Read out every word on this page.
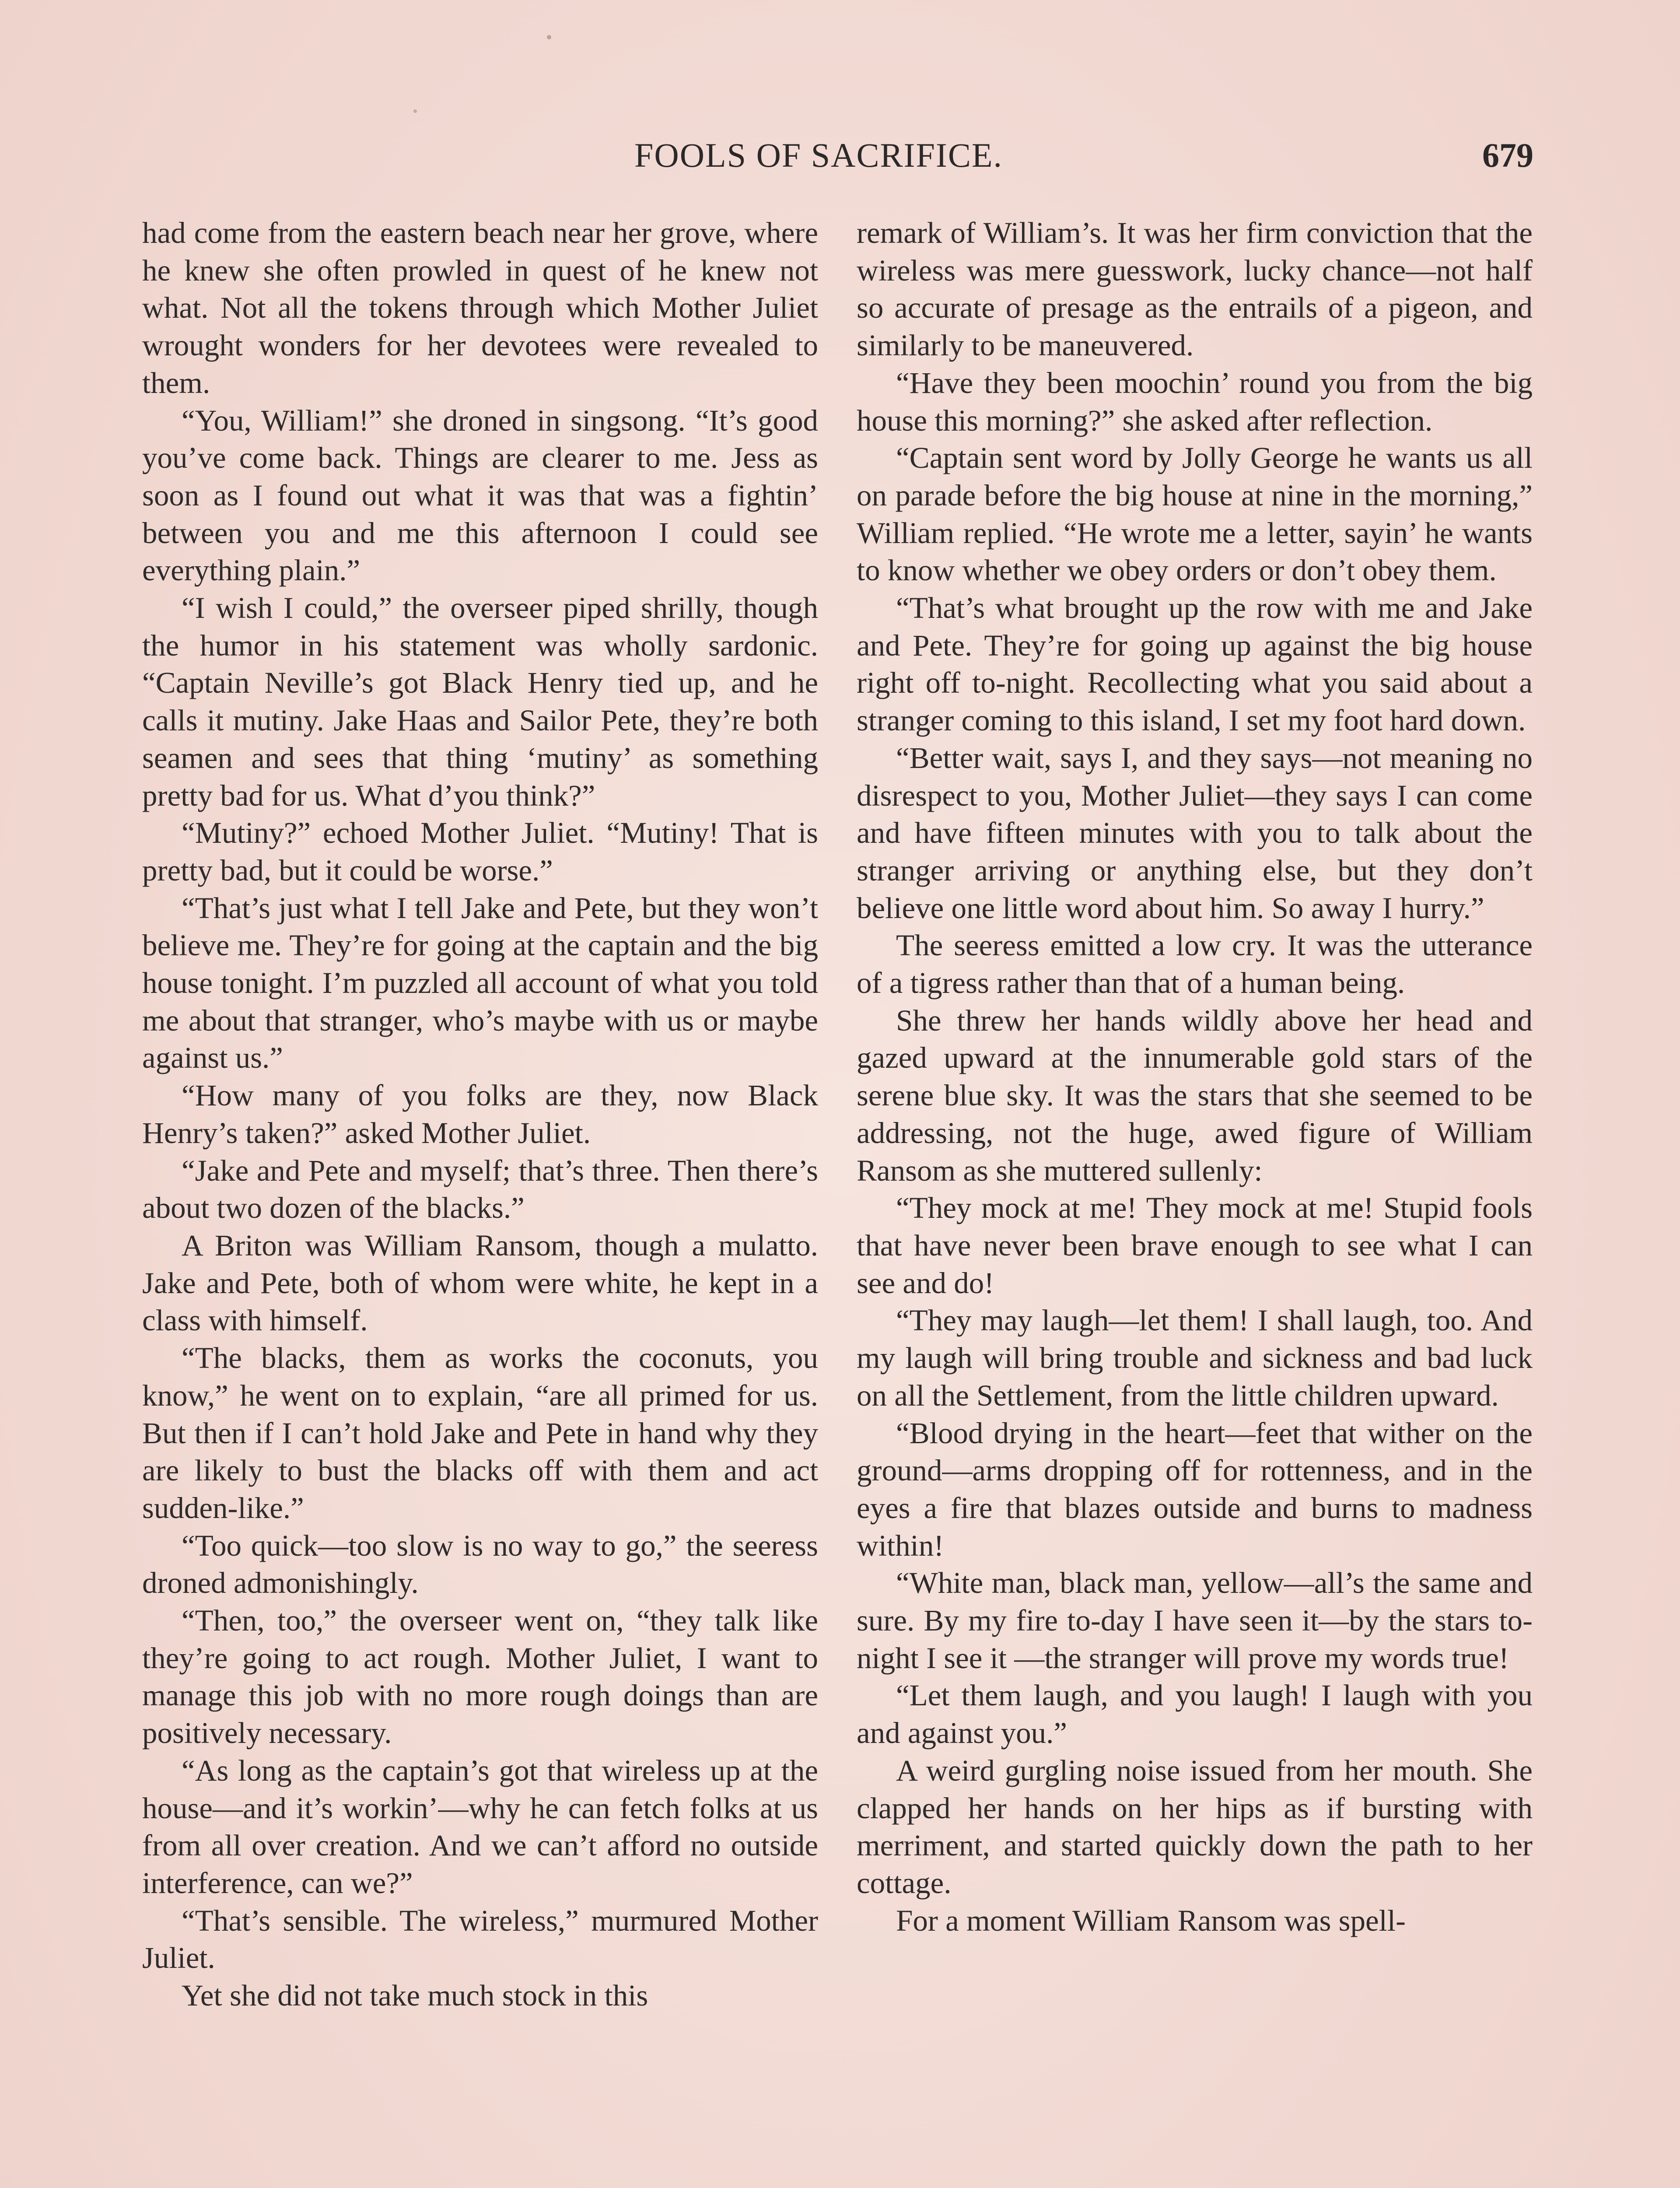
FOOLS OF SACRIFICE.	679

had come from the eastern beach near her grove, where he knew she often prowled in quest of he knew not what. Not all the tokens through which Mother Juliet wrought wonders for her devotees were revealed to them.

“You, William!” she droned in singsong. “It’s good you’ve come back. Things are clearer to me. Jess as soon as I found out what it was that was a fightin’ between you and me this afternoon I could see everything plain.”

“I wish I could,” the overseer piped shrilly, though the humor in his statement was wholly sardonic. “Captain Neville’s got Black Henry tied up, and he calls it mutiny. Jake Haas and Sailor Pete, they’re both seamen and sees that thing ‘mutiny’ as something pretty bad for us. What d’you think?”

“Mutiny?” echoed Mother Juliet. “Mutiny! That is pretty bad, but it could be worse.”

“That’s just what I tell Jake and Pete, but they won’t believe me. They’re for going at the captain and the big house tonight. I’m puzzled all account of what you told me about that stranger, who’s maybe with us or maybe against us.”

“How many of you folks are they, now Black Henry’s taken?” asked Mother Juliet.

“Jake and Pete and myself; that’s three. Then there’s about two dozen of the blacks.”

A Briton was William Ransom, though a mulatto. Jake and Pete, both of whom were white, he kept in a class with himself.

“The blacks, them as works the coconuts, you know,” he went on to explain, “are all primed for us. But then if I can’t hold Jake and Pete in hand why they are likely to bust the blacks off with them and act sudden-like.”

“Too quick—too slow is no way to go,” the seeress droned admonishingly.

“Then, too,” the overseer went on, “they talk like they’re going to act rough. Mother Juliet, I want to manage this job with no more rough doings than are positively necessary.

“As long as the captain’s got that wireless up at the house—and it’s workin’—why he can fetch folks at us from all over creation. And we can’t afford no outside interference, can we?”

“That’s sensible. The wireless,” murmured Mother Juliet.

Yet she did not take much stock in this

remark of William’s. It was her firm conviction that the wireless was mere guesswork, lucky chance—not half so accurate of presage as the entrails of a pigeon, and similarly to be maneuvered.

“Have they been moochin’ round you from the big house this morning?” she asked after reflection.

“Captain sent word by Jolly George he wants us all on parade before the big house at nine in the morning,” William replied. “He wrote me a letter, sayin’ he wants to know whether we obey orders or don’t obey them.

“That’s what brought up the row with me and Jake and Pete. They’re for going up against the big house right off to-night. Recollecting what you said about a stranger coming to this island, I set my foot hard down.

“Better wait, says I, and they says—not meaning no disrespect to you, Mother Juliet—they says I can come and have fifteen minutes with you to talk about the stranger arriving or anything else, but they don’t believe one little word about him. So away I hurry.”

The seeress emitted a low cry. It was the utterance of a tigress rather than that of a human being.

She threw her hands wildly above her head and gazed upward at the innumerable gold stars of the serene blue sky. It was the stars that she seemed to be addressing, not the huge, awed figure of William Ransom as she muttered sullenly:

“They mock at me! They mock at me! Stupid fools that have never been brave enough to see what I can see and do!

“They may laugh—let them! I shall laugh, too. And my laugh will bring trouble and sickness and bad luck on all the Settlement, from the little children upward.

“Blood drying in the heart—feet that wither on the ground—arms dropping off for rottenness, and in the eyes a fire that blazes outside and burns to madness within!

“White man, black man, yellow—all’s the same and sure. By my fire to-day I have seen it—by the stars to-night I see it —the stranger will prove my words true!

“Let them laugh, and you laugh! I laugh with you and against you.”

A weird gurgling noise issued from her mouth. She clapped her hands on her hips as if bursting with merriment, and started quickly down the path to her cottage.

For a moment William Ransom was spell-
